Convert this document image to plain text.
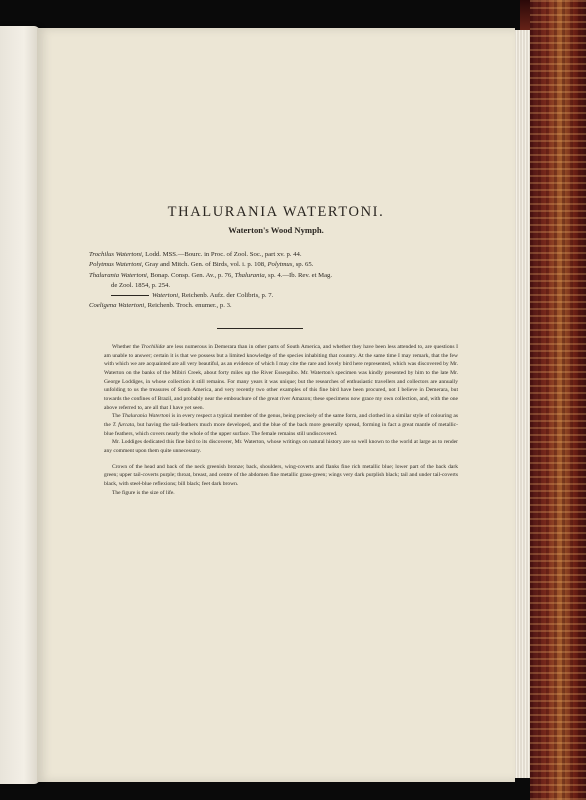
THALURANIA WATERTONI.
Waterton's Wood Nymph.
Trochilus Watertoni, Lodd. MSS.—Bourc. in Proc. of Zool. Soc., part xv. p. 44.
Polytmus Watertoni, Gray and Mitch. Gen. of Birds, vol. i. p. 108, Polytmus, sp. 65.
Thalurania Watertoni, Bonap. Consp. Gen. Av., p. 76, Thalurania, sp. 4.—Ib. Rev. et Mag.
de Zool. 1854, p. 254.
Watertoni, Reichenb. Aufz. der Colibris, p. 7.
Coeligena Watertoni, Reichenb. Troch. enumer., p. 3.

Whether the Trochilidæ are less numerous in Demerara than in other parts of South America, and whether they have been less attended to, are questions I am unable to answer; certain it is that we possess but a limited knowledge of the species inhabiting that country. At the same time I may remark, that the few with which we are acquainted are all very beautiful, as an evidence of which I may cite the rare and lovely bird here represented, which was discovered by Mr. Waterton on the banks of the Mibiri Creek, about forty miles up the River Essequibo. Mr. Waterton's specimen was kindly presented by him to the late Mr. George Loddiges, in whose collection it still remains. For many years it was unique; but the researches of enthusiastic travellers and collectors are annually unfolding to us the treasures of South America, and very recently two other examples of this fine bird have been procured, not I believe in Demerara, but towards the confines of Brazil, and probably near the embouchure of the great river Amazon; these specimens now grace my own collection, and, with the one above referred to, are all that I have yet seen.

The Thalurania Watertoni is in every respect a typical member of the genus, being precisely of the same form, and clothed in a similar style of colouring as the T. furcata, but having the tail-feathers much more developed, and the blue of the back more generally spread, forming in fact a great mantle of metallic-blue feathers, which covers nearly the whole of the upper surface. The female remains still undiscovered.

Mr. Loddiges dedicated this fine bird to its discoverer, Mr. Waterton, whose writings on natural history are so well known to the world at large as to render any comment upon them quite unnecessary.

Crown of the head and back of the neck greenish bronze; back, shoulders, wing-coverts and flanks fine rich metallic blue; lower part of the back dark green; upper tail-coverts purple; throat, breast, and centre of the abdomen fine metallic grass-green; wings very dark purplish black; tail and under tail-coverts black, with steel-blue reflexions; bill black; feet dark brown.

The figure is the size of life.
